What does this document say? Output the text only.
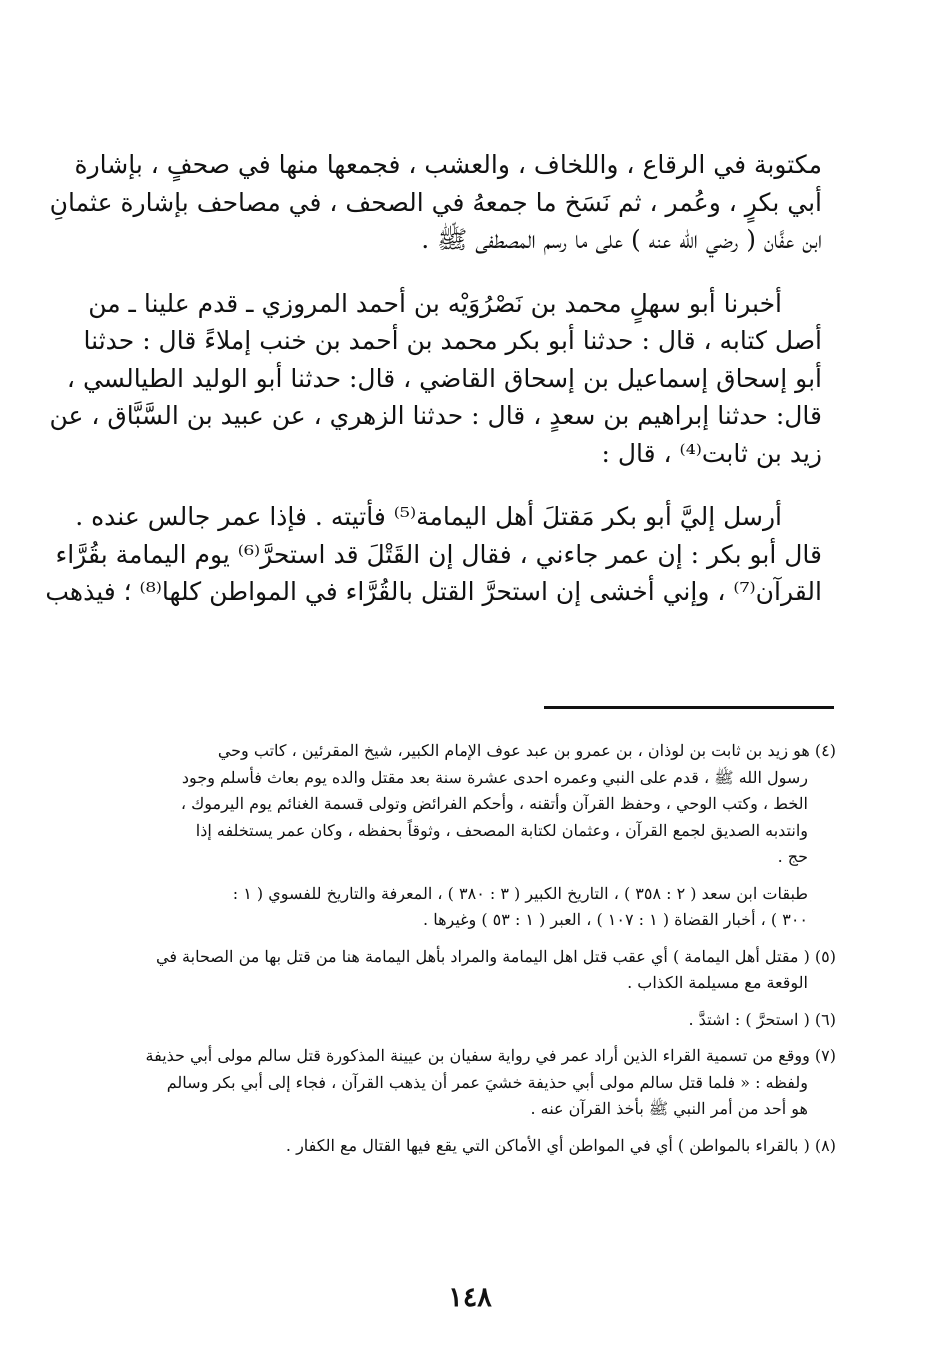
مكتوبة في الرقاع ، واللخاف ، والعشب ، فجمعها منها في صحفٍ ، بإشارة
أبي بكرٍ ، وعُمر ، ثم نَسَخ ما جمعهُ في الصحف ، في مصاحف بإشارة عثمانِ
ابن عفَّان ( رضي الله عنه ) على ما رسم المصطفى ﷺ .

أخبرنا أبو سهلٍ محمد بن نَصْرُوَيْه بن أحمد المروزي ـ قدم علينا ـ من
أصل كتابه ، قال : حدثنا أبو بكر محمد بن أحمد بن خنب إملاءً قال : حدثنا
أبو إسحاق إسماعيل بن إسحاق القاضي ، قال: حدثنا أبو الوليد الطيالسي ،
قال: حدثنا إبراهيم بن سعدٍ ، قال : حدثنا الزهري ، عن عبيد بن السَّبَّاق ، عن
زيد بن ثابت⁽⁴⁾ ، قال :

أرسل إليَّ أبو بكر مَقتلَ أهل اليمامة⁽⁵⁾ فأتيته . فإذا عمر جالس عنده .
قال أبو بكر : إن عمر جاءني ، فقال إن القَتْلَ قد استحرَّ⁽⁶⁾ يوم اليمامة بقُرَّاء
القرآن⁽⁷⁾ ، وإني أخشى إن استحرَّ القتل بالقُرَّاء في المواطن كلها⁽⁸⁾ ؛ فيذهب

(٤) هو زيد بن ثابت بن لوذان ، بن عمرو بن عبد عوف الإمام الكبير، شيخ المقرئين ، كاتب وحي
رسول الله ﷺ ، قدم على النبي وعمره احدى عشرة سنة بعد مقتل والده يوم بعاث فأسلم وجود
الخط ، وكتب الوحي ، وحفظ القرآن وأتقنه ، وأحكم الفرائض وتولى قسمة الغنائم يوم اليرموك ،
وانتدبه الصديق لجمع القرآن ، وعثمان لكتابة المصحف ، وثوقاً بحفظه ، وكان عمر يستخلفه إذا
حج .
طبقات ابن سعد ( ٢ : ٣٥٨ ) ، التاريخ الكبير ( ٣ : ٣٨٠ ) ، المعرفة والتاريخ للفسوي ( ١ :
٣٠٠ ) ، أخبار القضاة ( ١ : ١٠٧ ) ، العبر ( ١ : ٥٣ ) وغيرها .
(٥) ( مقتل أهل اليمامة ) أي عقب قتل اهل اليمامة والمراد بأهل اليمامة هنا من قتل بها من الصحابة في
الوقعة مع مسيلمة الكذاب .
(٦) ( استحرَّ ) : اشتدَّ .
(٧) ووقع من تسمية القراء الذين أراد عمر في رواية سفيان بن عيينة المذكورة قتل سالم مولى أبي حذيفة
ولفظه : « فلما قتل سالم مولى أبي حذيفة خشيَ عمر أن يذهب القرآن ، فجاء إلى أبي بكر وسالم
هو أحد من أمر النبي ﷺ بأخذ القرآن عنه .
(٨) ( بالقراء بالمواطن ) أي في المواطن أي الأماكن التي يقع فيها القتال مع الكفار .
١٤٨
